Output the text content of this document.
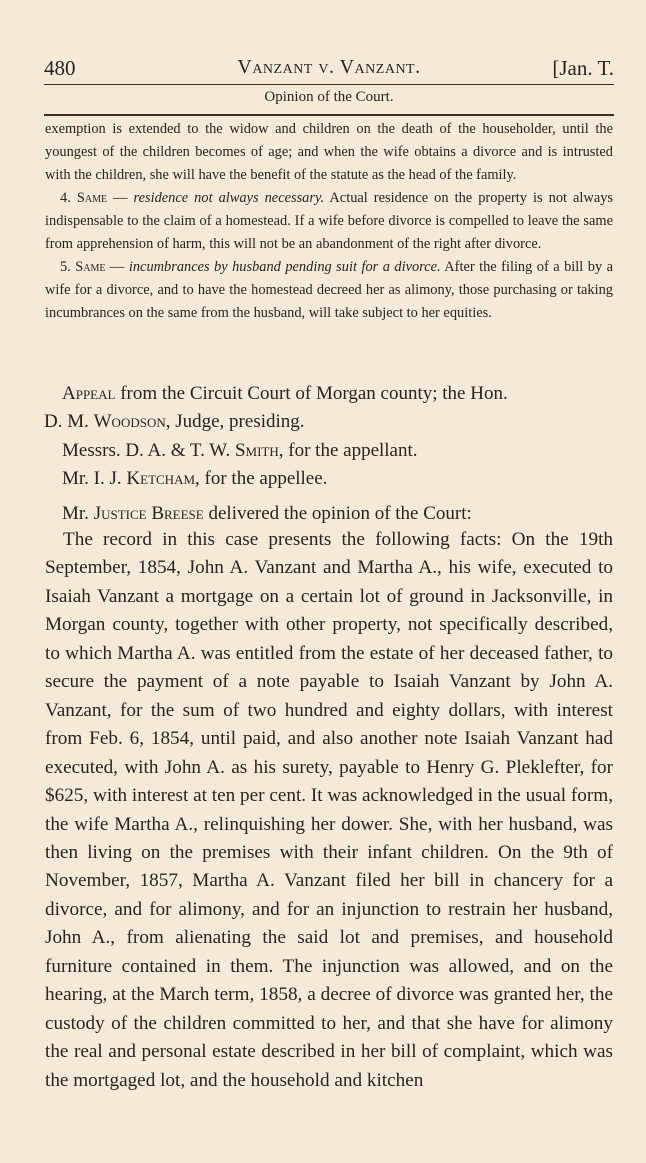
480	Vanzant v. Vanzant.	[Jan. T.
Opinion of the Court.

exemption is extended to the widow and children on the death of the householder, until the youngest of the children becomes of age; and when the wife obtains a divorce and is intrusted with the children, she will have the benefit of the statute as the head of the family.

4. Same — residence not always necessary. Actual residence on the property is not always indispensable to the claim of a homestead. If a wife before divorce is compelled to leave the same from apprehension of harm, this will not be an abandonment of the right after divorce.

5. Same — incumbrances by husband pending suit for a divorce. After the filing of a bill by a wife for a divorce, and to have the homestead decreed her as alimony, those purchasing or taking incumbrances on the same from the husband, will take subject to her equities.

Appeal from the Circuit Court of Morgan county; the Hon.

D. M. Woodson, Judge, presiding.

Messrs. D. A. & T. W. Smith, for the appellant.

Mr. I. J. Ketcham, for the appellee.

Mr. Justice Breese delivered the opinion of the Court:

The record in this case presents the following facts: On the 19th September, 1854, John A. Vanzant and Martha A., his wife, executed to Isaiah Vanzant a mortgage on a certain lot of ground in Jacksonville, in Morgan county, together with other property, not specifically described, to which Martha A. was entitled from the estate of her deceased father, to secure the payment of a note payable to Isaiah Vanzant by John A. Vanzant, for the sum of two hundred and eighty dollars, with interest from Feb. 6, 1854, until paid, and also another note Isaiah Vanzant had executed, with John A. as his surety, payable to Henry G. Pleklefter, for $625, with interest at ten per cent. It was acknowledged in the usual form, the wife Martha A., relinquishing her dower. She, with her husband, was then living on the premises with their infant children. On the 9th of November, 1857, Martha A. Vanzant filed her bill in chancery for a divorce, and for alimony, and for an injunction to restrain her husband, John A., from alienating the said lot and premises, and household furniture contained in them. The injunction was allowed, and on the hearing, at the March term, 1858, a decree of divorce was granted her, the custody of the children committed to her, and that she have for alimony the real and personal estate described in her bill of complaint, which was the mortgaged lot, and the household and kitchen
